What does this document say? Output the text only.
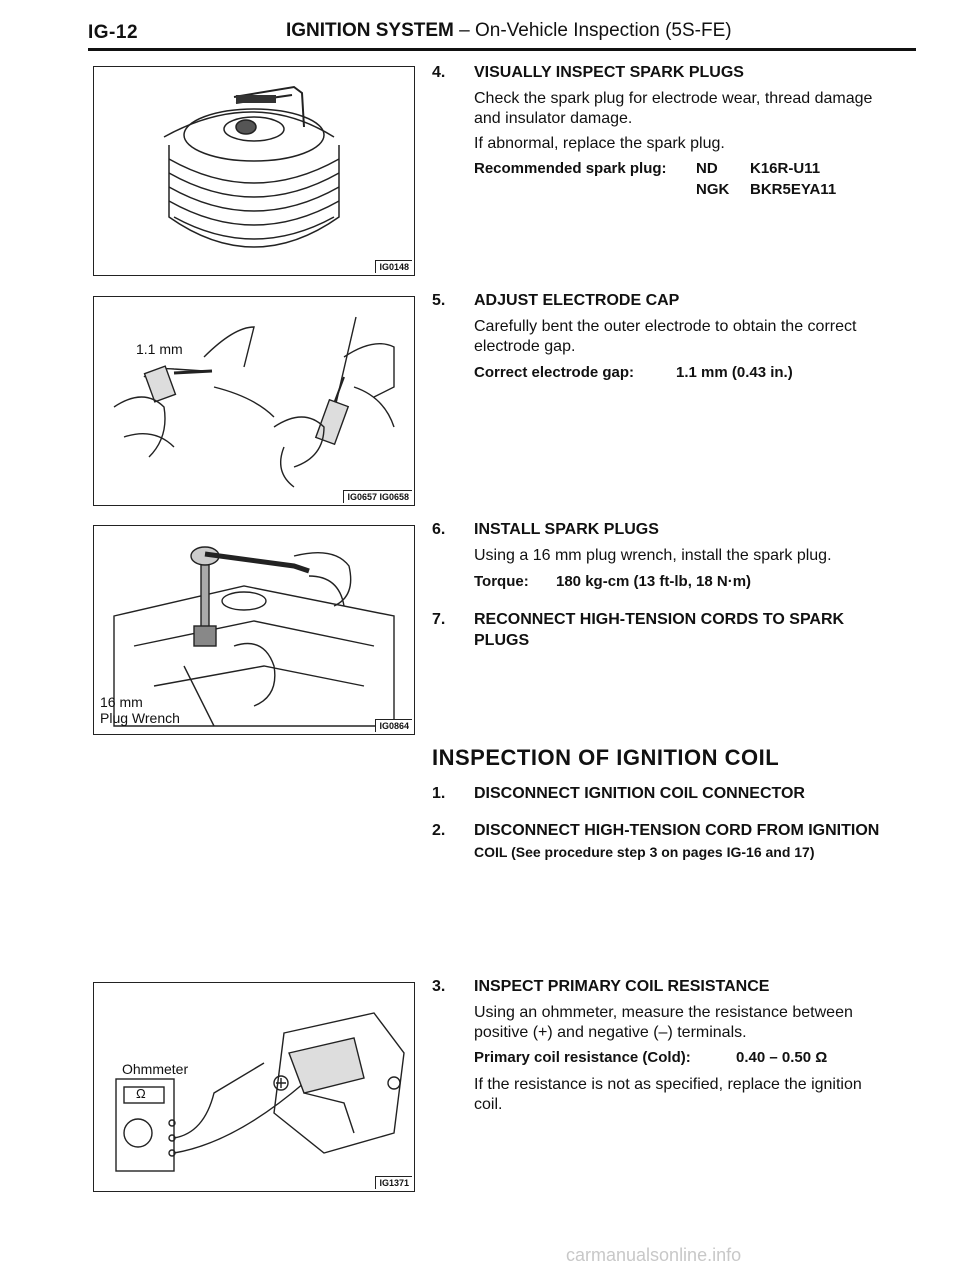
IG-12	IGNITION SYSTEM – On-Vehicle Inspection (5S-FE)
IG0148
1.1 mm
IG0657 IG0658
16 mm
Plug Wrench	IG0864
Ohmmeter
Ω
IG1371
4. VISUALLY INSPECT SPARK PLUGS
Check the spark plug for electrode wear, thread damage
and insulator damage.
If abnormal, replace the spark plug.
Recommended spark plug: ND K16R-U11
NGK BKR5EYA11
5. ADJUST ELECTRODE CAP
Carefully bent the outer electrode to obtain the correct
electrode gap.
Correct electrode gap:	1.1 mm (0.43 in.)
6. INSTALL SPARK PLUGS
Using a 16 mm plug wrench, install the spark plug.
Torque: 180 kg-cm (13 ft-lb, 18 N·m)
7. RECONNECT HIGH-TENSION CORDS TO SPARK
PLUGS
INSPECTION OF IGNITION COIL
1. DISCONNECT IGNITION COIL CONNECTOR
2. DISCONNECT HIGH-TENSION CORD FROM IGNITION
COIL (See procedure step 3 on pages IG-16 and 17)
3. INSPECT PRIMARY COIL RESISTANCE
Using an ohmmeter, measure the resistance between
positive (+) and negative (–) terminals.
Primary coil resistance (Cold):	0.40 – 0.50 Ω
If the resistance is not as specified, replace the ignition
coil.
carmanualsonline.info
